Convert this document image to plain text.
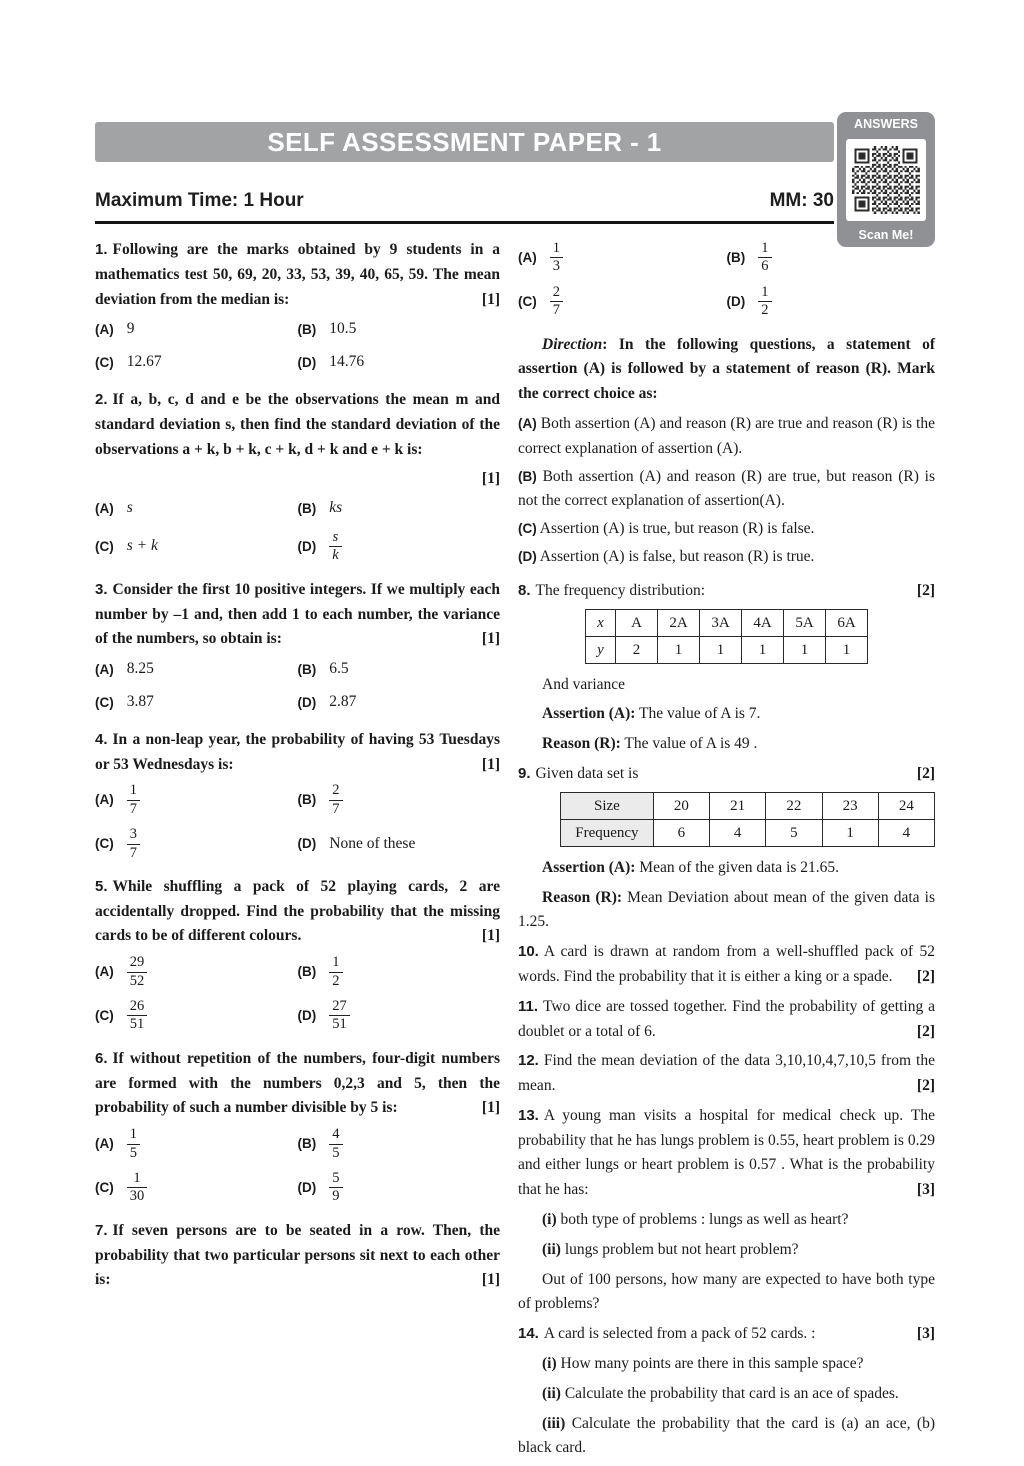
SELF ASSESSMENT PAPER - 1
ANSWERS
Scan Me!
Maximum Time: 1 Hour	MM: 30

1. Following are the marks obtained by 9 students in a mathematics test 50, 69, 20, 33, 53, 39, 40, 65, 59. The mean deviation from the median is:	[1]

(A) 9	(B) 10.5
(C) 12.67	(D) 14.76

2. If a, b, c, d and e be the observations the mean m and standard deviation s, then find the standard deviation of the observations a + k, b + k, c + k, d + k and e + k is:

[1]
(A) s	(B) ks
(C) s + k	$(D) \frac{s}{k}$

3. Consider the first 10 positive integers. If we multiply each number by –1 and, then add 1 to each number, the variance of the numbers, so obtain is:	[1]

(A) 8.25	(B) 6.5
(C) 3.87	(D) 2.87

4. In a non-leap year, the probability of having 53 Tuesdays or 53 Wednesdays is:	[1]

$(A) \frac{1}{7}$	$(B) \frac{2}{7}$
$(C) \frac{3}{7}$	(D) None of these

5. While shuffling a pack of 52 playing cards, 2 are accidentally dropped. Find the probability that the missing cards to be of different colours.	[1]

$(A) \frac{29}{52}$	$(B) \frac{1}{2}$
$(C) \frac{26}{51}$	$(D) \frac{27}{51}$

6. If without repetition of the numbers, four-digit numbers are formed with the numbers 0,2,3 and 5, then the probability of such a number divisible by 5 is:	[1]

$(A) \frac{1}{5}$	$(B) \frac{4}{5}$
$(C) \frac{1}{30}$	$(D) \frac{5}{9}$

7. If seven persons are to be seated in a row. Then, the probability that two particular persons sit next to each other is:	[1]

$(A) \frac{1}{3}$	$(B) \frac{1}{6}$
$(C) \frac{2}{7}$	$(D) \frac{1}{2}$

Direction: In the following questions, a statement of assertion (A) is followed by a statement of reason (R). Mark the correct choice as:

(A) Both assertion (A) and reason (R) are true and reason (R) is the correct explanation of assertion (A).

(B) Both assertion (A) and reason (R) are true, but reason (R) is not the correct explanation of assertion(A).

(C) Assertion (A) is true, but reason (R) is false.

(D) Assertion (A) is false, but reason (R) is true.

8. The frequency distribution:	[2]

x	A	2A	3A	4A	5A	6A
y	2	1	1	1	1	1

And variance

Assertion (A): The value of A is 7.

Reason (R): The value of A is 49 .

9. Given data set is	[2]

Size	20	21	22	23	24
Frequency	6	4	5	1	4

Assertion (A): Mean of the given data is 21.65.

Reason (R): Mean Deviation about mean of the given data is 1.25.

10. A card is drawn at random from a well-shuffled pack of 52 words. Find the probability that it is either a king or a spade. [2]

11. Two dice are tossed together. Find the probability of getting a doublet or a total of 6.	[2]

12. Find the mean deviation of the data 3,10,10,4,7,10,5 from the mean.	[2]

13. A young man visits a hospital for medical check up. The probability that he has lungs problem is 0.55, heart problem is 0.29 and either lungs or heart problem is 0.57 . What is the probability that he has:	[3]

(i) both type of problems : lungs as well as heart?

(ii) lungs problem but not heart problem?

Out of 100 persons, how many are expected to have both type of problems?

14. A card is selected from a pack of 52 cards. :	[3]

(i) How many points are there in this sample space?

(ii) Calculate the probability that card is an ace of spades.

(iii) Calculate the probability that the card is (a) an ace, (b) black card.
